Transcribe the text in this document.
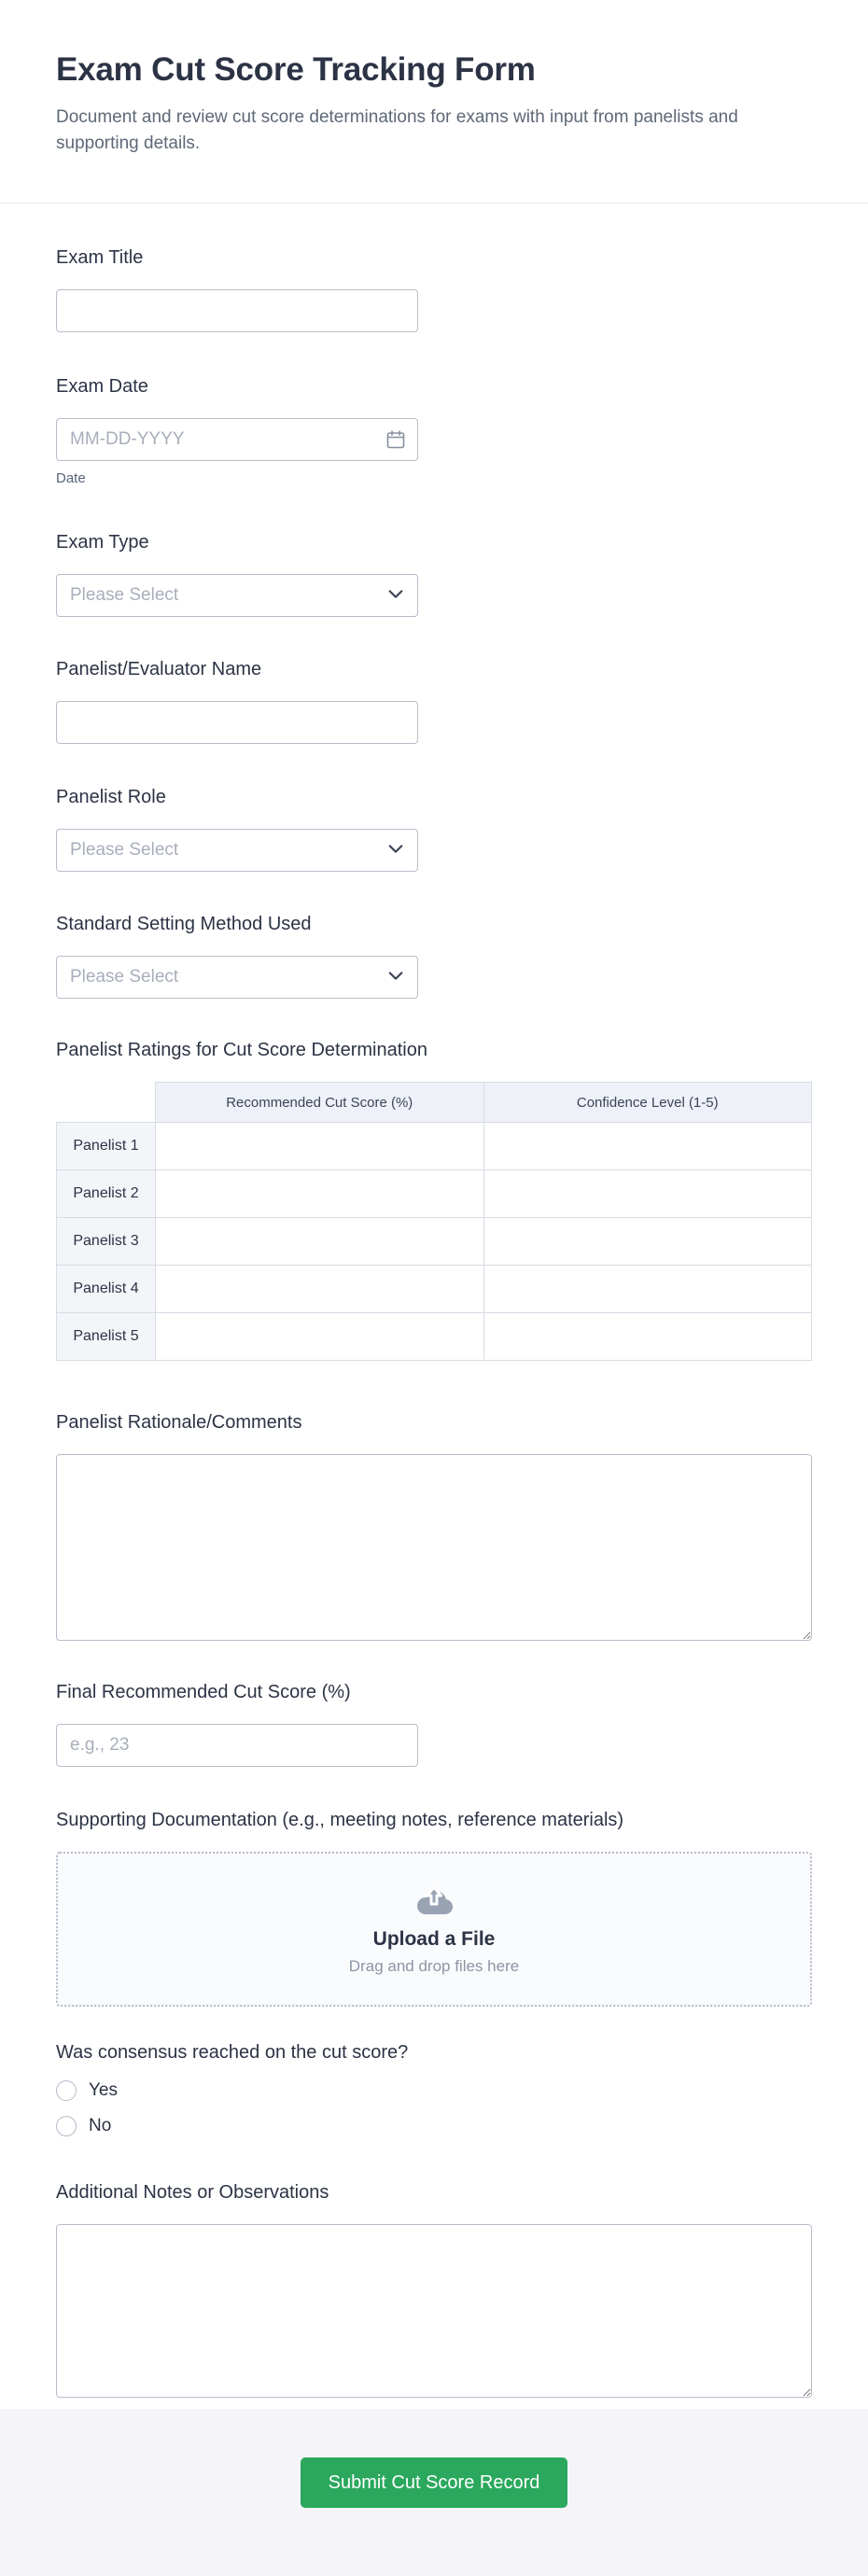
Exam Cut Score Tracking Form

Document and review cut score determinations for exams with input from panelists and supporting details.

Exam Title
Exam Date
MM-DD-YYYY
Date
Exam Type
Please Select
Panelist/Evaluator Name
Panelist Role
Please Select
Standard Setting Method Used
Please Select
Panelist Ratings for Cut Score Determination
	Recommended Cut Score (%)	Confidence Level (1-5)
Panelist 1		
Panelist 2		
Panelist 3		
Panelist 4		
Panelist 5		
Panelist Rationale/Comments
Final Recommended Cut Score (%)
e.g., 23
Supporting Documentation (e.g., meeting notes, reference materials)
Upload a File
Drag and drop files here
Was consensus reached on the cut score?
Yes
No
Additional Notes or Observations
Submit Cut Score Record
